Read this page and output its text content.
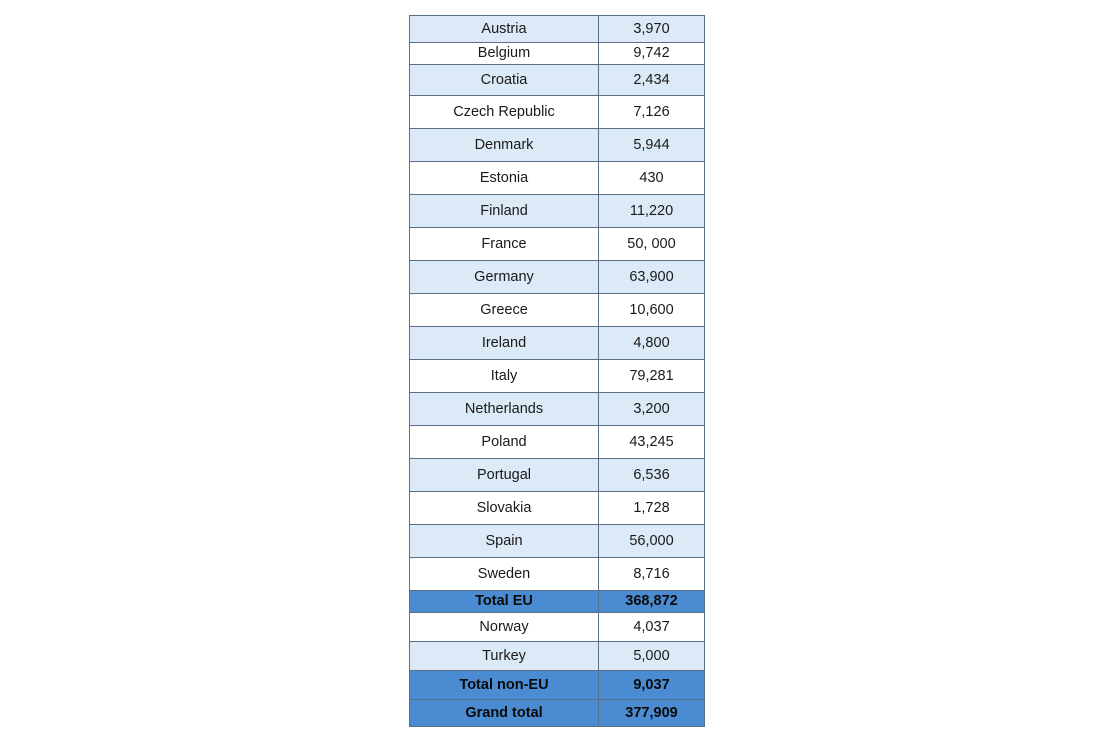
Austria	3,970
Belgium	9,742
Croatia	2,434
Czech Republic	7,126
Denmark	5,944
Estonia	430
Finland	11,220
France	50, 000
Germany	63,900
Greece	10,600
Ireland	4,800
Italy	79,281
Netherlands	3,200
Poland	43,245
Portugal	6,536
Slovakia	1,728
Spain	56,000
Sweden	8,716
Total EU	368,872
Norway	4,037
Turkey	5,000
Total non-EU	9,037
Grand total	377,909
